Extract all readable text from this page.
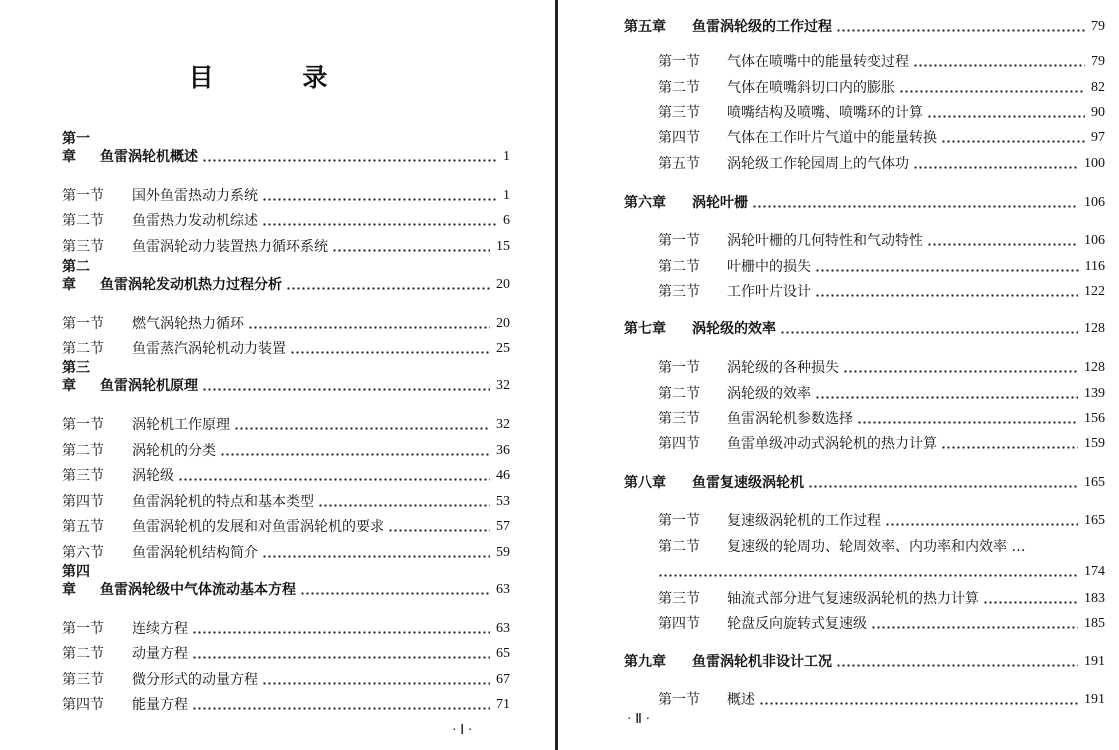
目 录
· Ⅰ ·
第一章	鱼雷涡轮机概述	1
第一节	国外鱼雷热动力系统	1
第二节	鱼雷热力发动机综述	6
第三节	鱼雷涡轮动力装置热力循环系统	15
第二章	鱼雷涡轮发动机热力过程分析	20
第一节	燃气涡轮热力循环	20
第二节	鱼雷蒸汽涡轮机动力装置	25
第三章	鱼雷涡轮机原理	32
第一节	涡轮机工作原理	32
第二节	涡轮机的分类	36
第三节	涡轮级	46
第四节	鱼雷涡轮机的特点和基本类型	53
第五节	鱼雷涡轮机的发展和对鱼雷涡轮机的要求	57
第六节	鱼雷涡轮机结构简介	59
第四章	鱼雷涡轮级中气体流动基本方程	63
第一节	连续方程	63
第二节	动量方程	65
第三节	微分形式的动量方程	67
第四节	能量方程	71
· Ⅱ ·
第五章	鱼雷涡轮级的工作过程	79
第一节	气体在喷嘴中的能量转变过程	79
第二节	气体在喷嘴斜切口内的膨胀	82
第三节	喷嘴结构及喷嘴、喷嘴环的计算	90
第四节	气体在工作叶片气道中的能量转换	97
第五节	涡轮级工作轮园周上的气体功	100
第六章	涡轮叶栅	106
第一节	涡轮叶栅的几何特性和气动特性	106
第二节	叶栅中的损失	116
第三节	工作叶片设计	122
第七章	涡轮级的效率	128
第一节	涡轮级的各种损失	128
第二节	涡轮级的效率	139
第三节	鱼雷涡轮机参数选择	156
第四节	鱼雷单级冲动式涡轮机的热力计算	159
第八章	鱼雷复速级涡轮机	165
第一节	复速级涡轮机的工作过程	165
第二节	复速级的轮周功、轮周效率、内功率和内效率 …
174
第三节	轴流式部分进气复速级涡轮机的热力计算	183
第四节	轮盘反向旋转式复速级	185
第九章	鱼雷涡轮机非设计工况	191
第一节	概述	191
